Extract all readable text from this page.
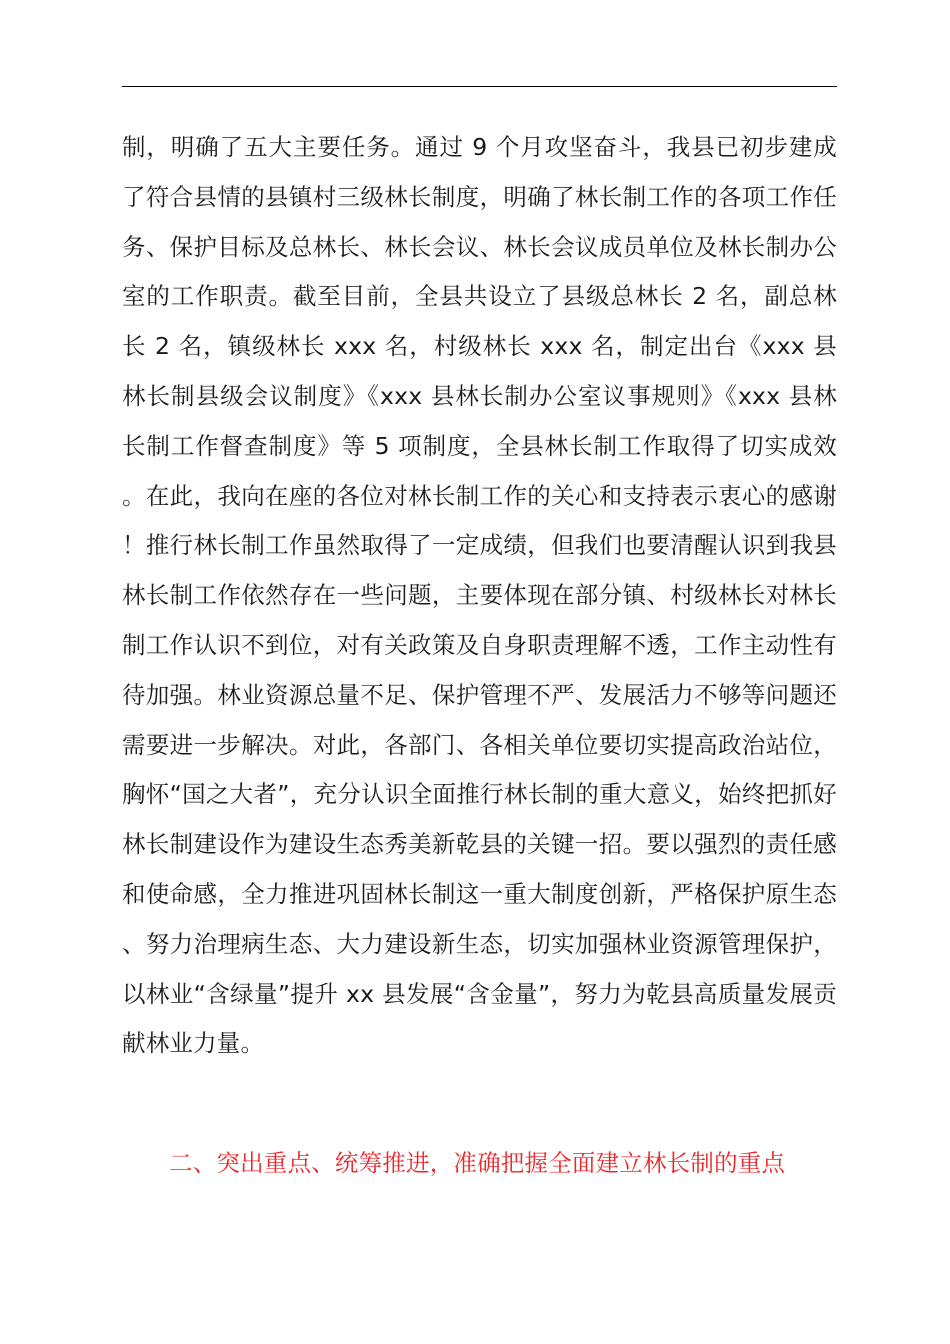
制，明确了五大主要任务。通过 9 个月攻坚奋斗，我县已初步建成了符合县情的县镇村三级林长制度，明确了林长制工作的各项工作任务、保护目标及总林长、林长会议、林长会议成员单位及林长制办公室的工作职责。截至目前，全县共设立了县级总林长 2 名，副总林长 2 名，镇级林长 xxx 名，村级林长 xxx 名，制定出台《xxx 县林长制县级会议制度》《xxx 县林长制办公室议事规则》《xxx 县林长制工作督查制度》等 5 项制度，全县林长制工作取得了切实成效。在此，我向在座的各位对林长制工作的关心和支持表示衷心的感谢！推行林长制工作虽然取得了一定成绩，但我们也要清醒认识到我县林长制工作依然存在一些问题，主要体现在部分镇、村级林长对林长制工作认识不到位，对有关政策及自身职责理解不透，工作主动性有待加强。林业资源总量不足、保护管理不严、发展活力不够等问题还需要进一步解决。对此，各部门、各相关单位要切实提高政治站位，胸怀“国之大者”，充分认识全面推行林长制的重大意义，始终把抓好林长制建设作为建设生态秀美新乾县的关键一招。要以强烈的责任感和使命感，全力推进巩固林长制这一重大制度创新，严格保护原生态、努力治理病生态、大力建设新生态，切实加强林业资源管理保护，以林业“含绿量”提升 xx 县发展“含金量”，努力为乾县高质量发展贡献林业力量。

二、突出重点、统筹推进，准确把握全面建立林长制的重点
